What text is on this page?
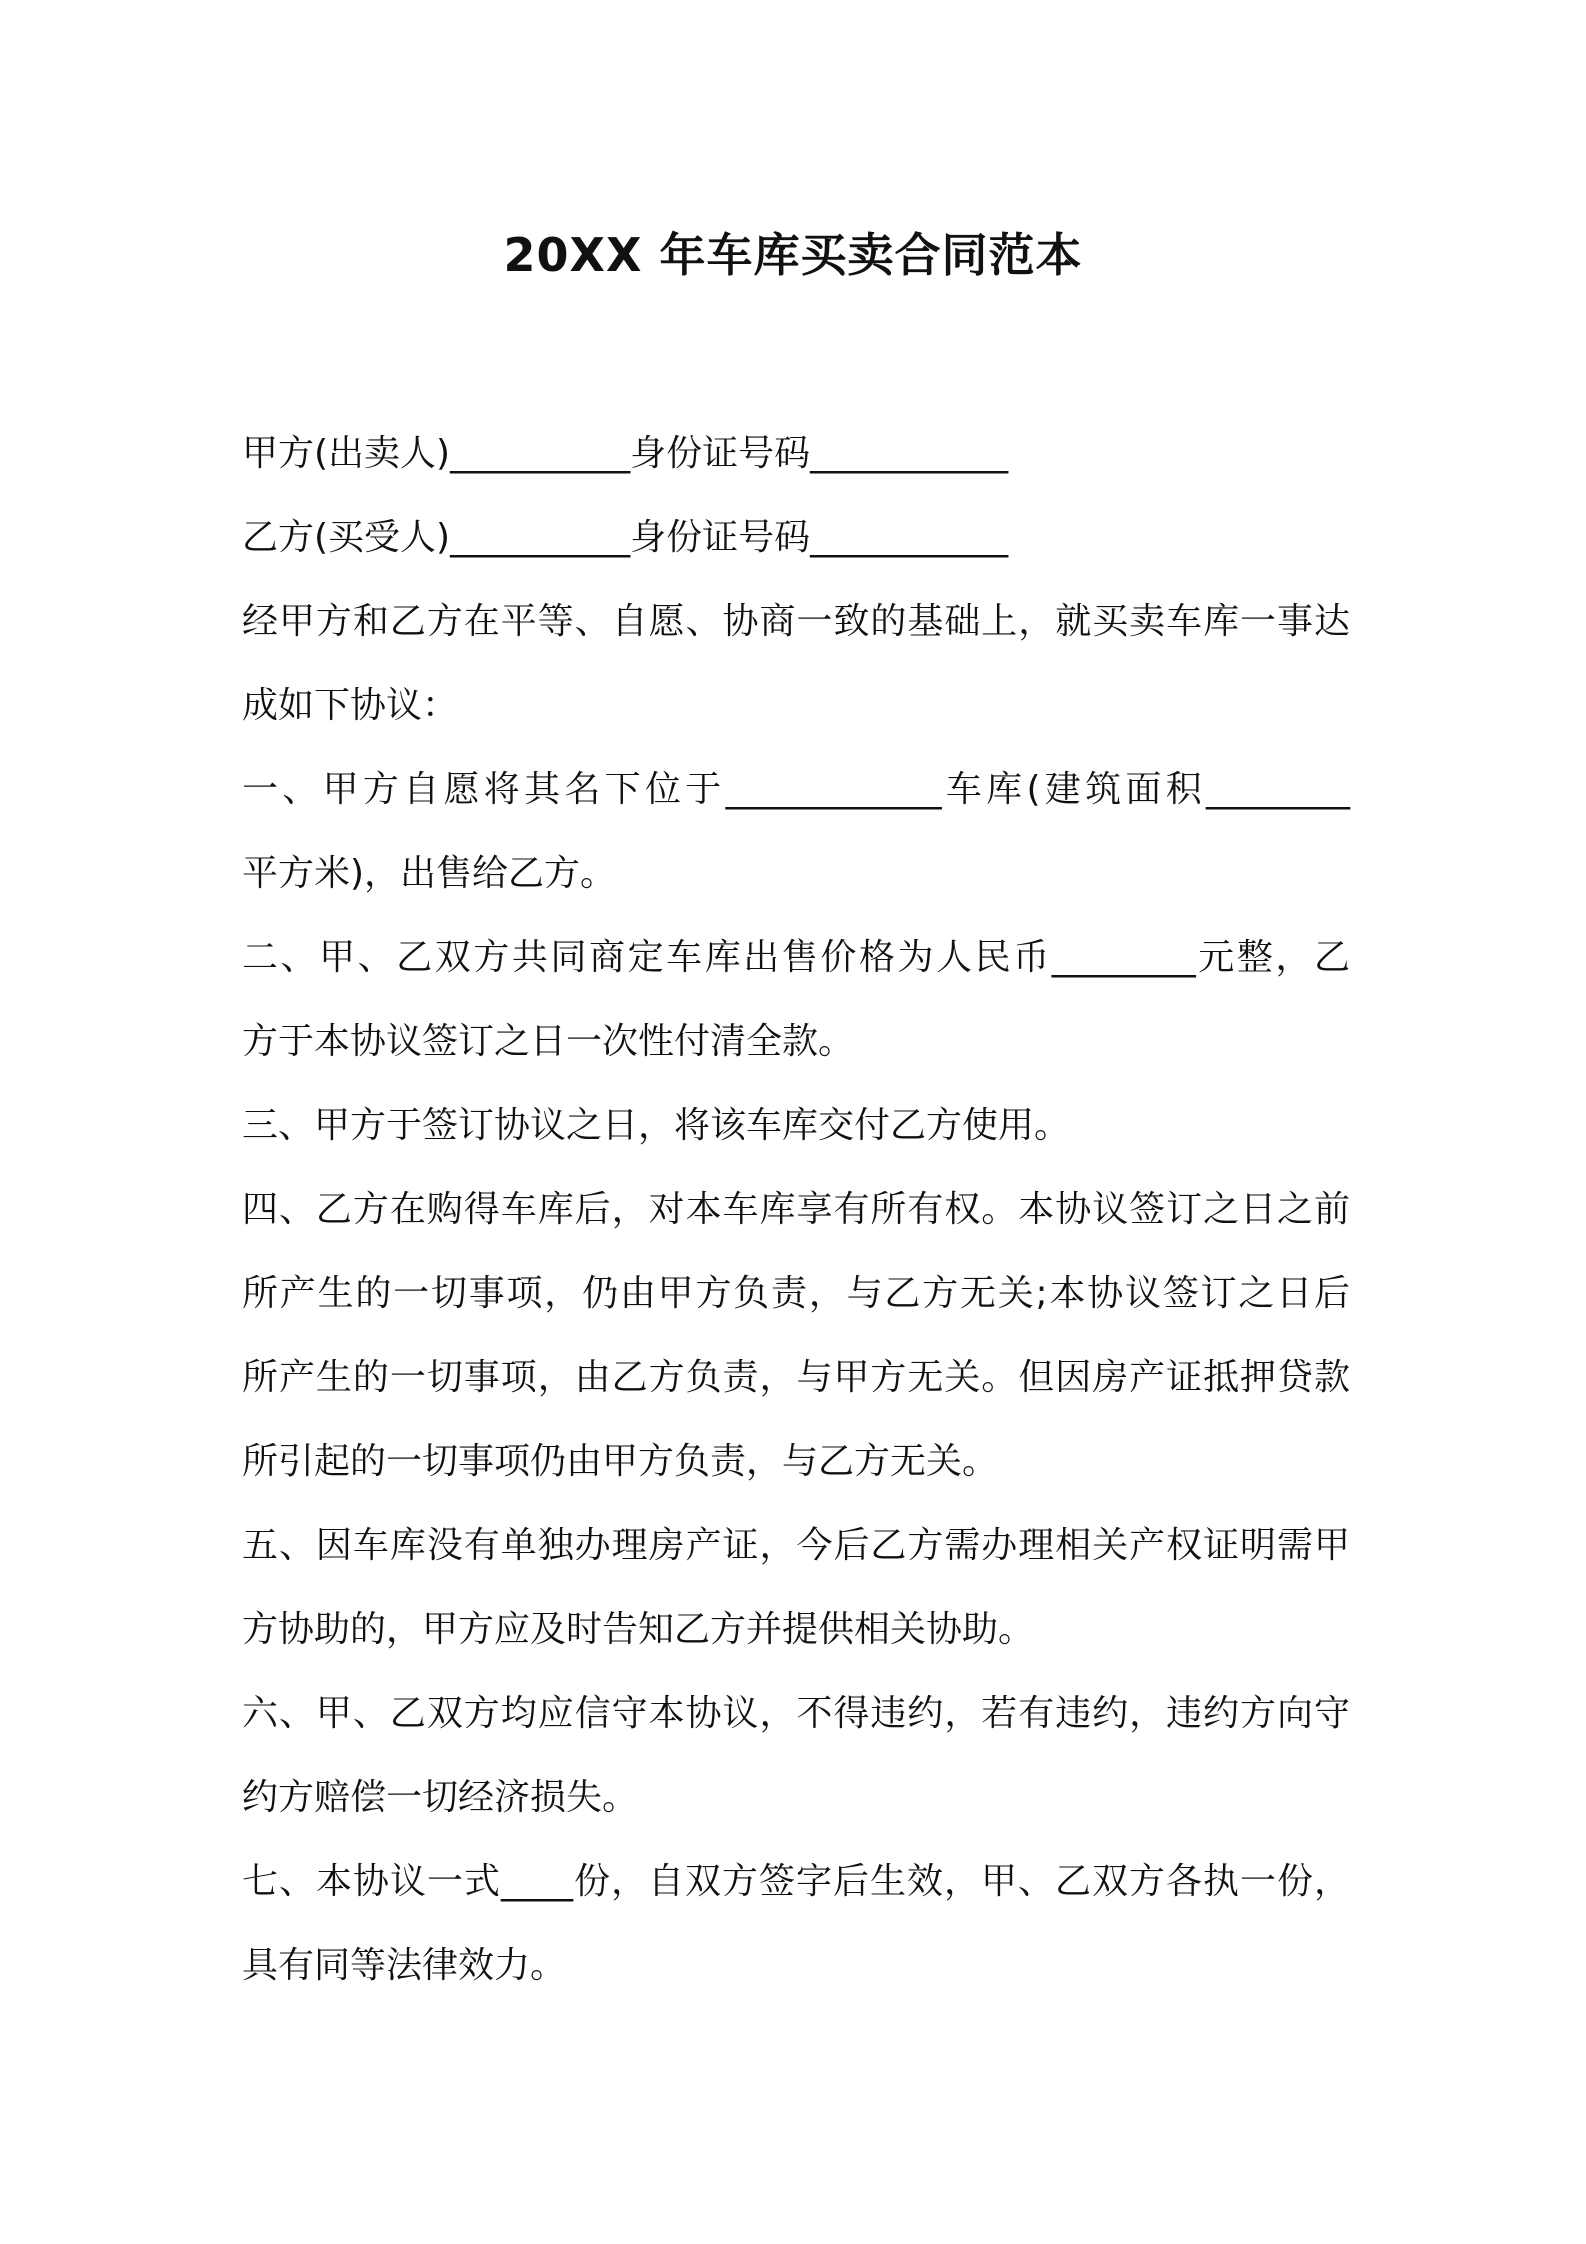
20XX 年车库买卖合同范本

甲方(出卖人)__________身份证号码___________

乙方(买受人)__________身份证号码___________

经甲方和乙方在平等、自愿、协商一致的基础上，就买卖车库一事达

成如下协议：

一、甲方自愿将其名下位于____________车库(建筑面积________

平方米)，出售给乙方。

二、甲、乙双方共同商定车库出售价格为人民币________元整，乙

方于本协议签订之日一次性付清全款。

三、甲方于签订协议之日，将该车库交付乙方使用。

四、乙方在购得车库后，对本车库享有所有权。本协议签订之日之前

所产生的一切事项，仍由甲方负责，与乙方无关;本协议签订之日后

所产生的一切事项，由乙方负责，与甲方无关。但因房产证抵押贷款

所引起的一切事项仍由甲方负责，与乙方无关。

五、因车库没有单独办理房产证，今后乙方需办理相关产权证明需甲

方协助的，甲方应及时告知乙方并提供相关协助。

六、甲、乙双方均应信守本协议，不得违约，若有违约，违约方向守

约方赔偿一切经济损失。

七、本协议一式____份，自双方签字后生效，甲、乙双方各执一份，

具有同等法律效力。
